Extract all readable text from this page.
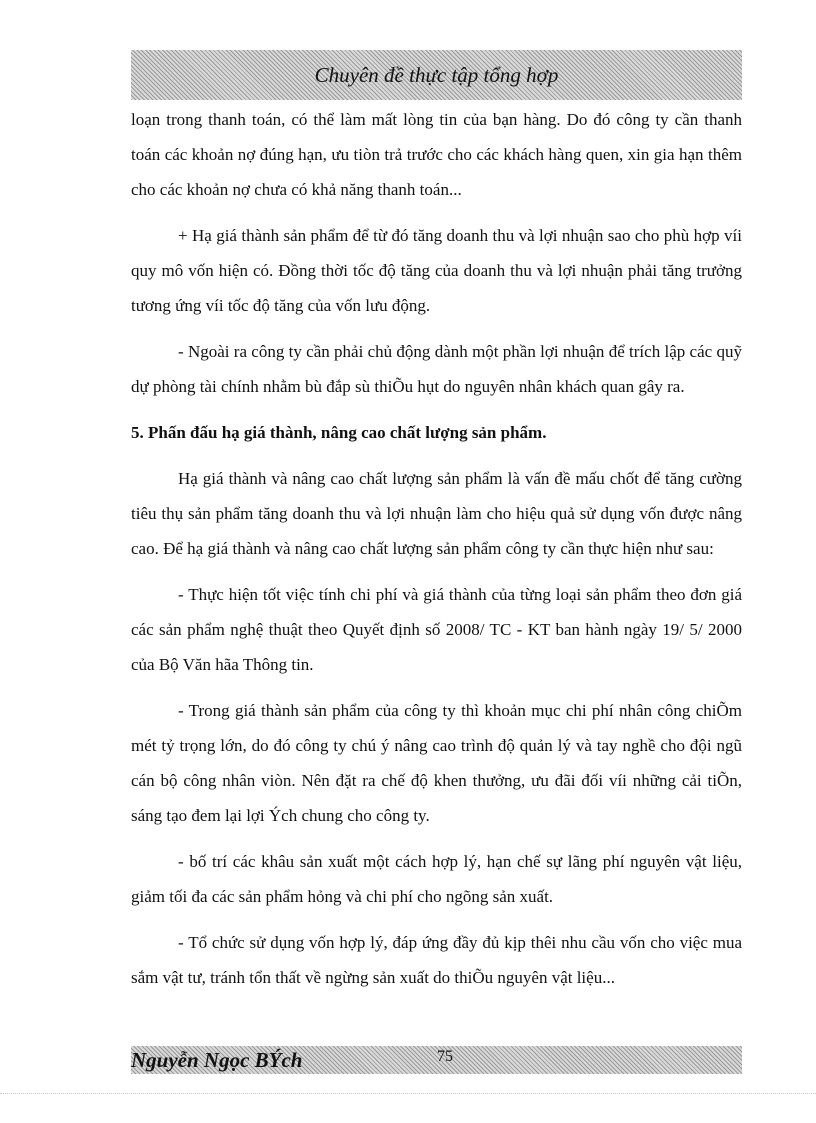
Chuyên đề thực tập tổng hợp

loạn trong thanh toán, có thể làm mất lòng tin của bạn hàng. Do đó công ty cần thanh toán các khoản nợ đúng hạn, ưu tiòn trả trước cho các khách hàng quen, xin gia hạn thêm cho các khoản nợ chưa có khả năng thanh toán...

+ Hạ giá thành sản phẩm để từ đó tăng doanh thu và lợi nhuận sao cho phù hợp víi quy mô vốn hiện có. Đồng thời tốc độ tăng của doanh thu và lợi nhuận phải tăng trưởng tương ứng víi tốc độ tăng của vốn lưu động.

- Ngoài ra công ty cần phải chủ động dành một phần lợi nhuận để trích lập các quỹ dự phòng tài chính nhằm bù đắp sù thiÕu hụt do nguyên nhân khách quan gây ra.

5. Phấn đấu hạ giá thành, nâng cao chất lượng sản phẩm.

Hạ giá thành và nâng cao chất lượng sản phẩm là vấn đề mấu chốt để tăng cường tiêu thụ sản phẩm tăng doanh thu và lợi nhuận làm cho hiệu quả sử dụng vốn được nâng cao. Để hạ giá thành và nâng cao chất lượng sản phẩm công ty cần thực hiện như sau:

- Thực hiện tốt việc tính chi phí và giá thành của từng loại sản phẩm theo đơn giá các sản phẩm nghệ thuật theo Quyết định số 2008/ TC - KT ban hành ngày 19/ 5/ 2000 của Bộ Văn hãa Thông tin.

- Trong giá thành sản phẩm của công ty thì khoản mục chi phí nhân công chiÕm mét tỷ trọng lớn, do đó công ty chú ý nâng cao trình độ quản lý và tay nghề cho đội ngũ cán bộ công nhân viòn. Nên đặt ra chế độ khen thưởng, ưu đãi đối víi những cải tiÕn, sáng tạo đem lại lợi Ých chung cho công ty.

- bố trí các khâu sản xuất một cách hợp lý, hạn chế sự lãng phí nguyên vật liệu, giảm tối đa các sản phẩm hỏng và chi phí cho ngõng sản xuất.

- Tổ chức sử dụng vốn hợp lý, đáp ứng đầy đủ kịp thêi nhu cầu vốn cho việc mua sắm vật tư, tránh tổn thất về ngừng sản xuất do thiÕu nguyên vật liệu...

Nguyễn Ngọc BÝch	75
